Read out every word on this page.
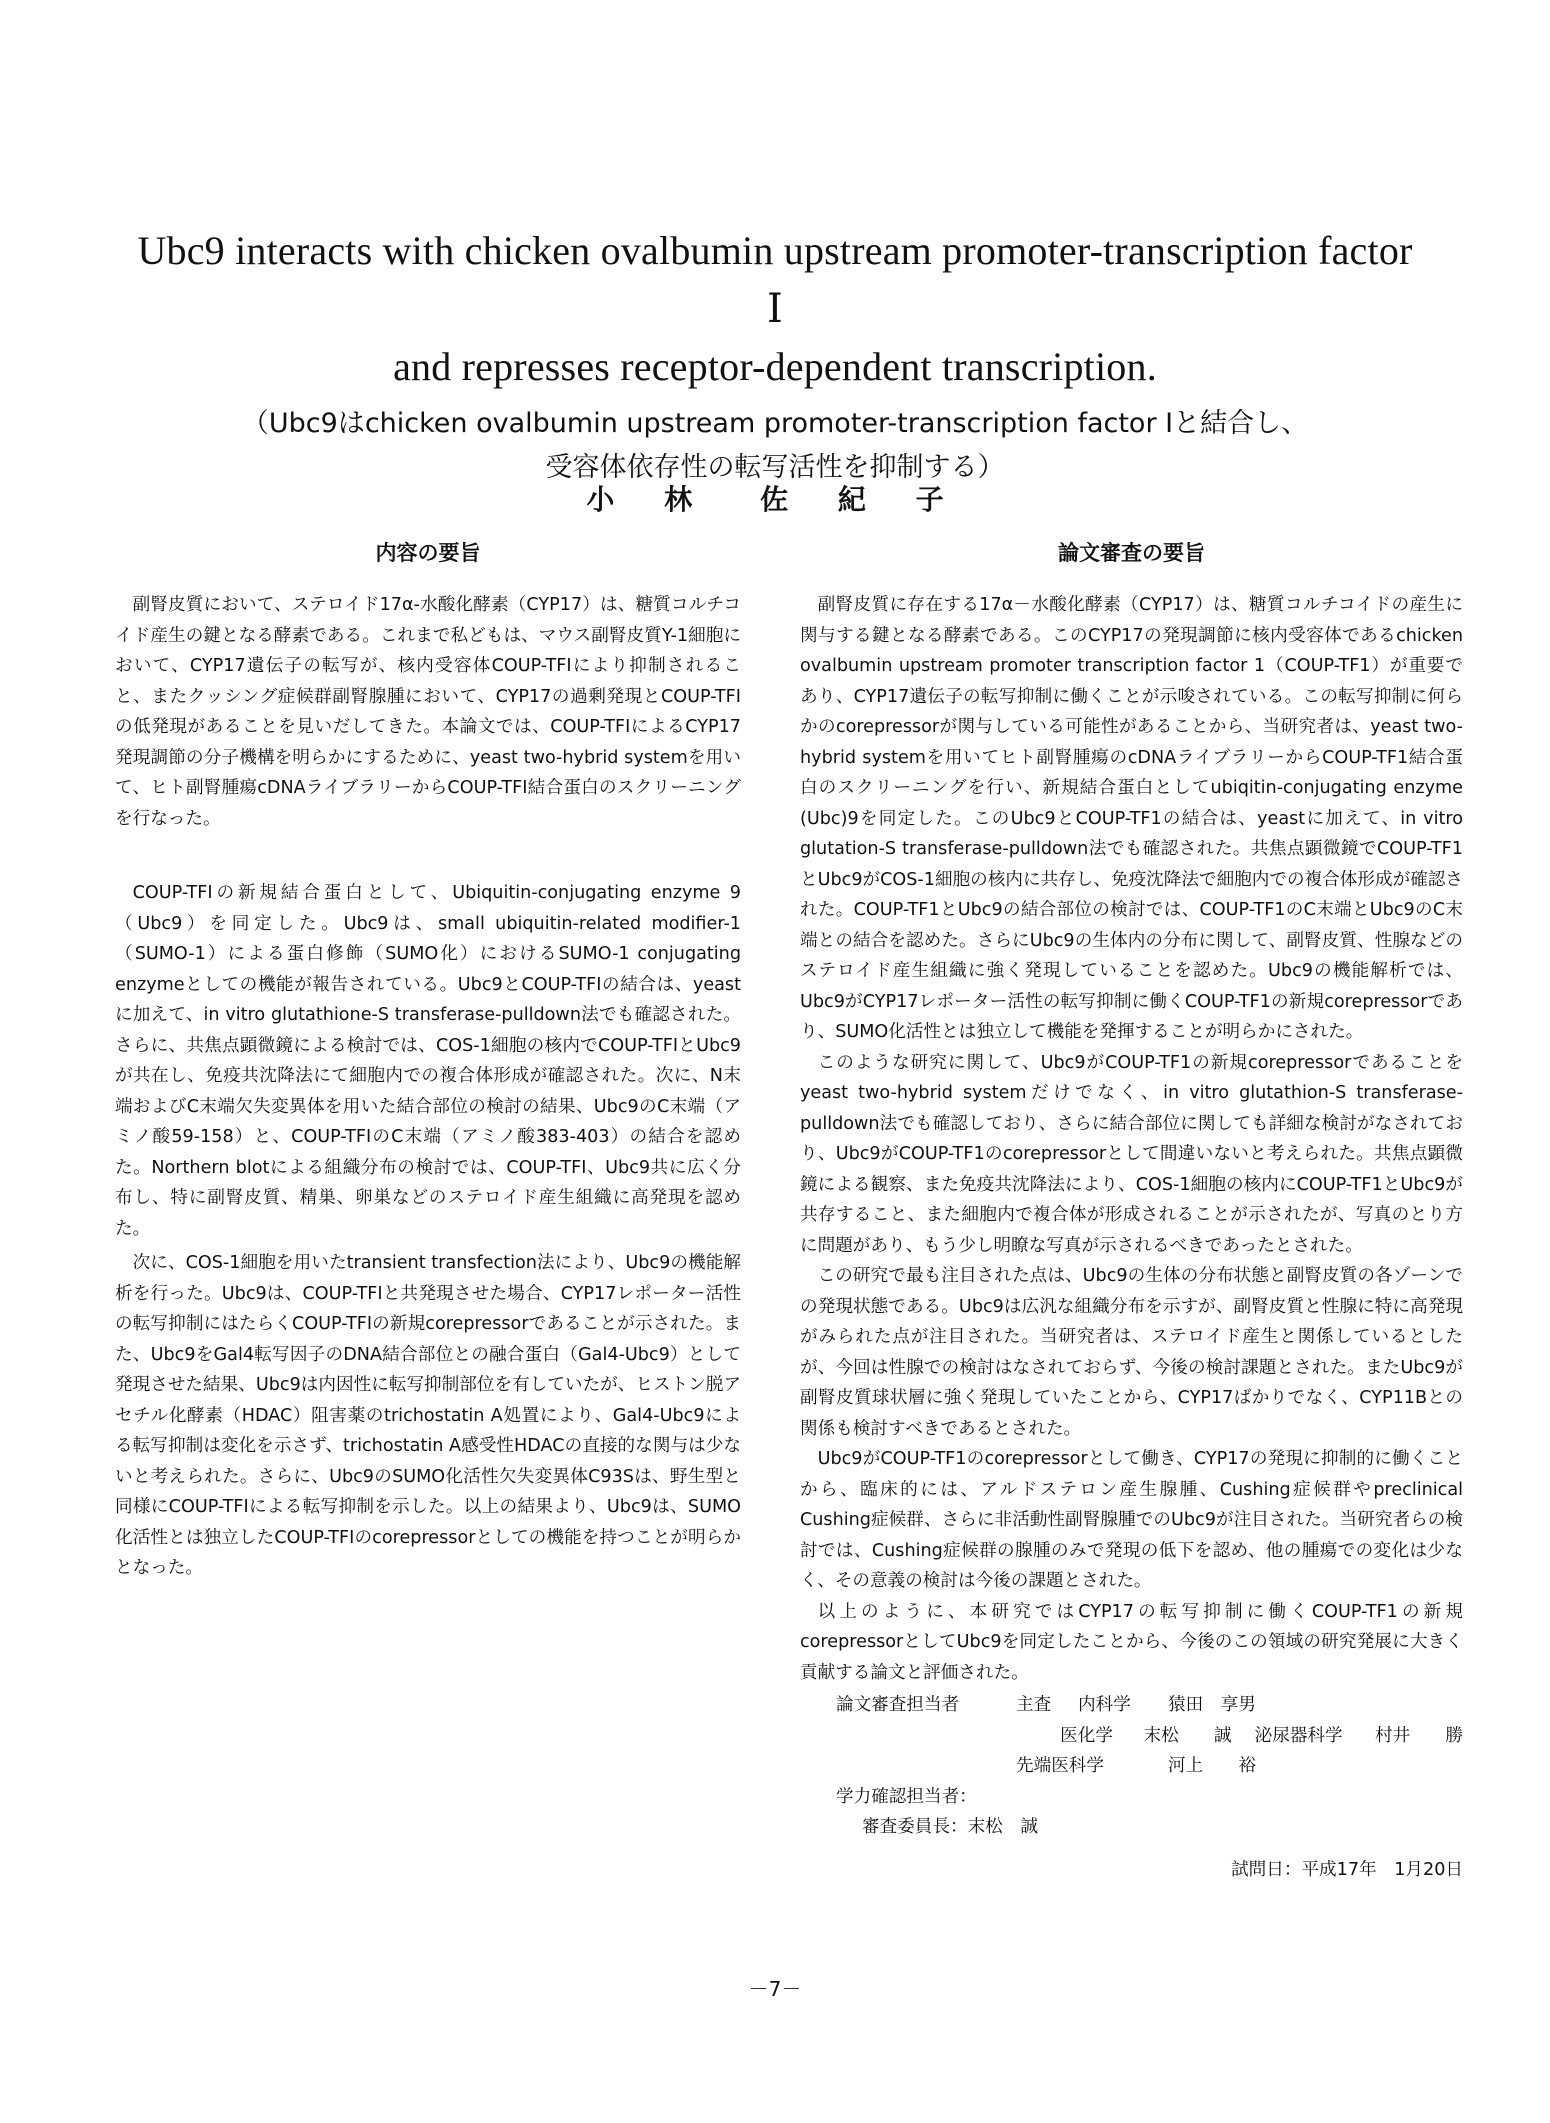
Ubc9 interacts with chicken ovalbumin upstream promoter-transcription factor Ⅰ
and represses receptor-dependent transcription.
（Ubc9はchicken ovalbumin upstream promoter-transcription factor Ⅰと結合し、
受容体依存性の転写活性を抑制する）
小 林　佐 紀 子
内容の要旨

副腎皮質において、ステロイド17α-水酸化酵素（CYP17）は、糖質コルチコイド産生の鍵となる酵素である。これまで私どもは、マウス副腎皮質Y-1細胞において、CYP17遺伝子の転写が、核内受容体COUP-TFIにより抑制されること、またクッシング症候群副腎腺腫において、CYP17の過剰発現とCOUP-TFIの低発現があることを見いだしてきた。本論文では、COUP-TFIによるCYP17発現調節の分子機構を明らかにするために、yeast two-hybrid systemを用いて、ヒト副腎腫瘍cDNAライブラリーからCOUP-TFI結合蛋白のスクリーニングを行なった。

COUP-TFIの新規結合蛋白として、Ubiquitin-conjugating enzyme 9（Ubc9）を同定した。Ubc9は、small ubiquitin-related modifier-1（SUMO-1）による蛋白修飾（SUMO化）におけるSUMO-1 conjugating enzymeとしての機能が報告されている。Ubc9とCOUP-TFIの結合は、yeastに加えて、in vitro glutathione-S transferase-pulldown法でも確認された。さらに、共焦点顕微鏡による検討では、COS-1細胞の核内でCOUP-TFIとUbc9が共在し、免疫共沈降法にて細胞内での複合体形成が確認された。次に、N末端およびC末端欠失変異体を用いた結合部位の検討の結果、Ubc9のC末端（アミノ酸59-158）と、COUP-TFIのC末端（アミノ酸383-403）の結合を認めた。Northern blotによる組織分布の検討では、COUP-TFI、Ubc9共に広く分布し、特に副腎皮質、精巣、卵巣などのステロイド産生組織に高発現を認めた。

次に、COS-1細胞を用いたtransient transfection法により、Ubc9の機能解析を行った。Ubc9は、COUP-TFIと共発現させた場合、CYP17レポーター活性の転写抑制にはたらくCOUP-TFIの新規corepressorであることが示された。また、Ubc9をGal4転写因子のDNA結合部位との融合蛋白（Gal4-Ubc9）として発現させた結果、Ubc9は内因性に転写抑制部位を有していたが、ヒストン脱アセチル化酵素（HDAC）阻害薬のtrichostatin A処置により、Gal4-Ubc9による転写抑制は変化を示さず、trichostatin A感受性HDACの直接的な関与は少ないと考えられた。さらに、Ubc9のSUMO化活性欠失変異体C93Sは、野生型と同様にCOUP-TFIによる転写抑制を示した。以上の結果より、Ubc9は、SUMO化活性とは独立したCOUP-TFIのcorepressorとしての機能を持つことが明らかとなった。

論文審査の要旨

副腎皮質に存在する17α－水酸化酵素（CYP17）は、糖質コルチコイドの産生に関与する鍵となる酵素である。このCYP17の発現調節に核内受容体であるchicken ovalbumin upstream promoter transcription factor 1（COUP-TF1）が重要であり、CYP17遺伝子の転写抑制に働くことが示唆されている。この転写抑制に何らかのcorepressorが関与している可能性があることから、当研究者は、yeast two-hybrid systemを用いてヒト副腎腫瘍のcDNAライブラリーからCOUP-TF1結合蛋白のスクリーニングを行い、新規結合蛋白としてubiqitin-conjugating enzyme (Ubc)9を同定した。このUbc9とCOUP-TF1の結合は、yeastに加えて、in vitro glutation-S transferase-pulldown法でも確認された。共焦点顕微鏡でCOUP-TF1とUbc9がCOS-1細胞の核内に共存し、免疫沈降法で細胞内での複合体形成が確認された。COUP-TF1とUbc9の結合部位の検討では、COUP-TF1のC末端とUbc9のC末端との結合を認めた。さらにUbc9の生体内の分布に関して、副腎皮質、性腺などのステロイド産生組織に強く発現していることを認めた。Ubc9の機能解析では、Ubc9がCYP17レポーター活性の転写抑制に働くCOUP-TF1の新規corepressorであり、SUMO化活性とは独立して機能を発揮することが明らかにされた。

このような研究に関して、Ubc9がCOUP-TF1の新規corepressorであることをyeast two-hybrid systemだけでなく、in vitro glutathion-S transferase-pulldown法でも確認しており、さらに結合部位に関しても詳細な検討がなされており、Ubc9がCOUP-TF1のcorepressorとして間違いないと考えられた。共焦点顕微鏡による観察、また免疫共沈降法により、COS-1細胞の核内にCOUP-TF1とUbc9が共存すること、また細胞内で複合体が形成されることが示されたが、写真のとり方に問題があり、もう少し明瞭な写真が示されるべきであったとされた。

この研究で最も注目された点は、Ubc9の生体の分布状態と副腎皮質の各ゾーンでの発現状態である。Ubc9は広汎な組織分布を示すが、副腎皮質と性腺に特に高発現がみられた点が注目された。当研究者は、ステロイド産生と関係しているとしたが、今回は性腺での検討はなされておらず、今後の検討課題とされた。またUbc9が副腎皮質球状層に強く発現していたことから、CYP17ばかりでなく、CYP11Bとの関係も検討すべきであるとされた。

Ubc9がCOUP-TF1のcorepressorとして働き、CYP17の発現に抑制的に働くことから、臨床的には、アルドステロン産生腺腫、Cushing症候群やpreclinical Cushing症候群、さらに非活動性副腎腺腫でのUbc9が注目された。当研究者らの検討では、Cushing症候群の腺腫のみで発現の低下を認め、他の腫瘍での変化は少なく、その意義の検討は今後の課題とされた。

以上のように、本研究ではCYP17の転写抑制に働くCOUP-TF1の新規corepressorとしてUbc9を同定したことから、今後のこの領域の研究発展に大きく貢献する論文と評価された。

論文審査担当者	主査	内科学	猿田　享男
医化学	末松　　誠	泌尿器科学	村井　　勝
先端医科学	河上　　裕
学力確認担当者：
審査委員長：末松　誠
試問日：平成17年　1月20日
－7－
